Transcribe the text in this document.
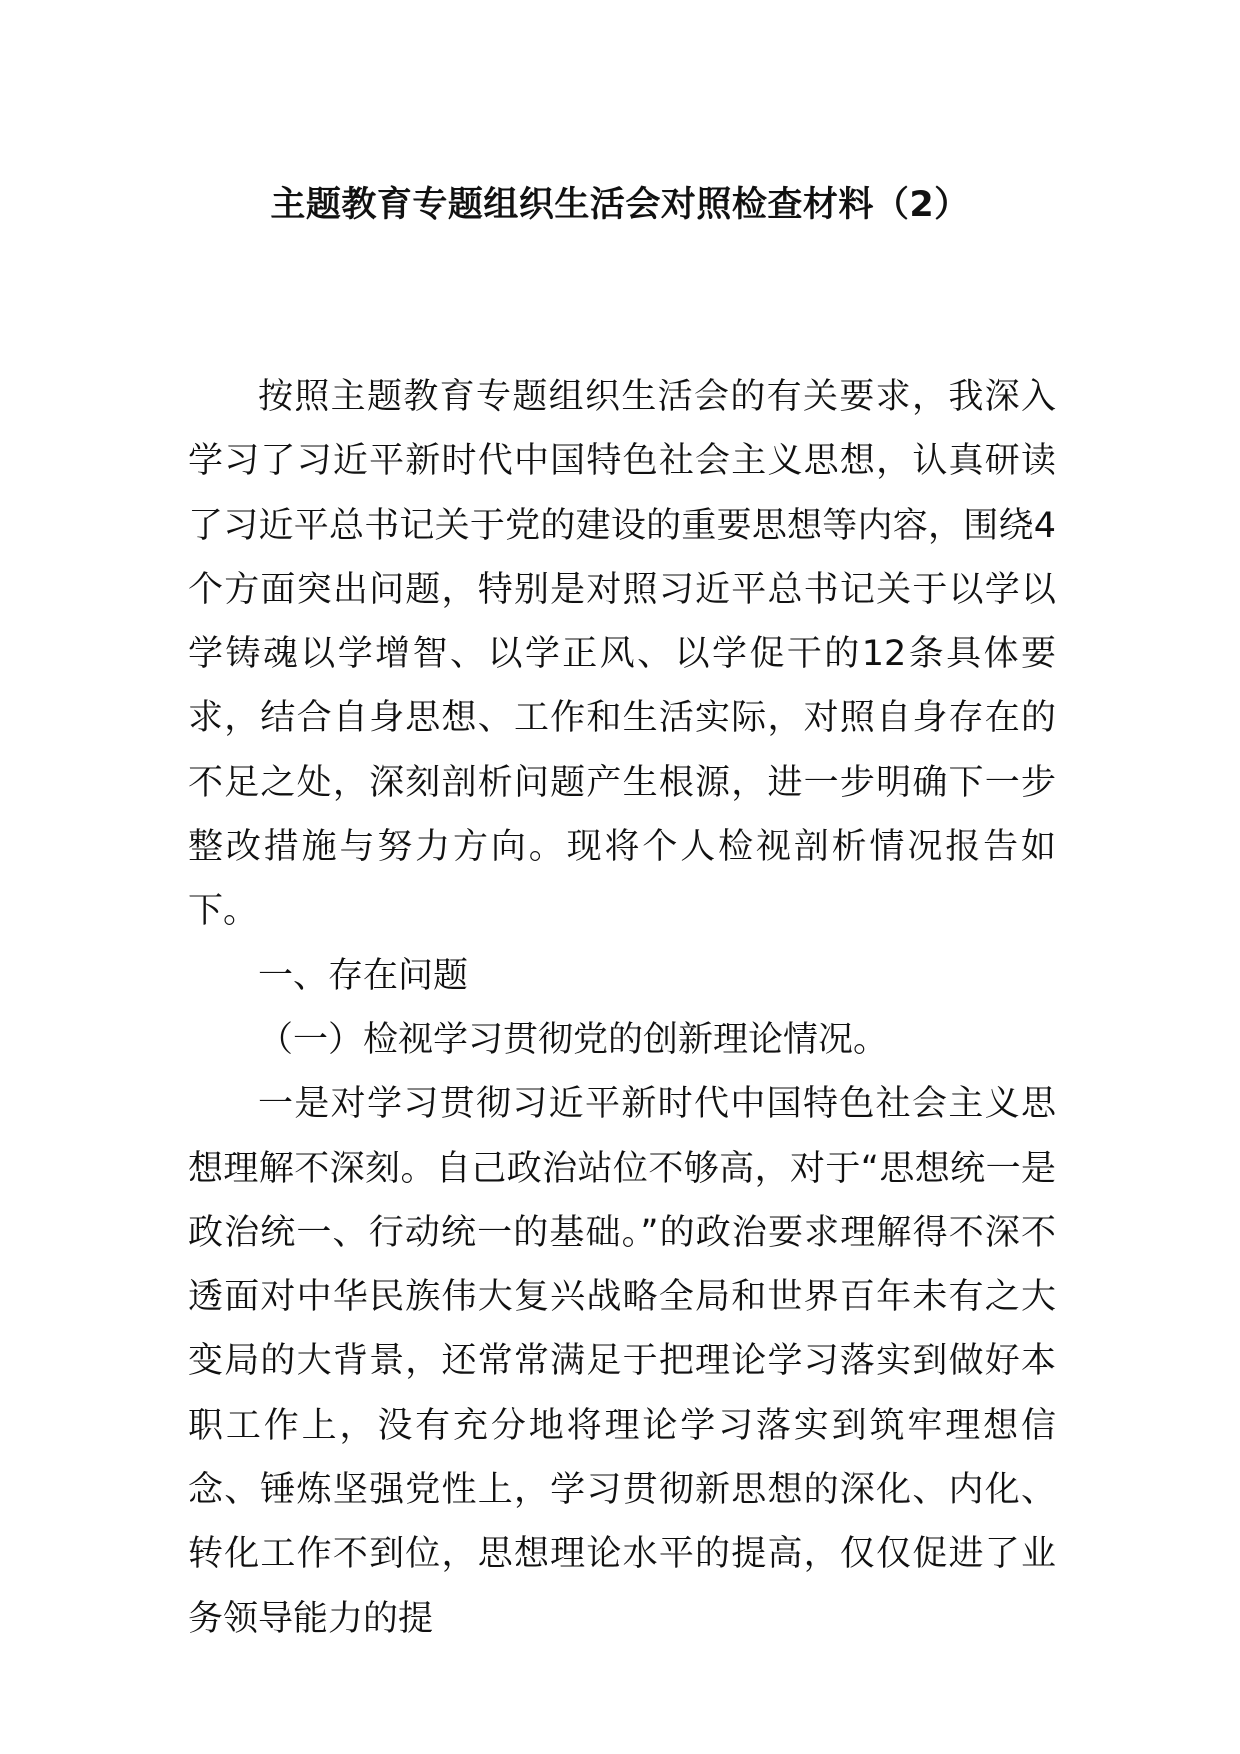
主题教育专题组织生活会对照检查材料（2）

按照主题教育专题组织生活会的有关要求，我深入学习了习近平新时代中国特色社会主义思想，认真研读了习近平总书记关于党的建设的重要思想等内容，围绕4个方面突出问题，特别是对照习近平总书记关于以学以学铸魂以学增智、以学正风、以学促干的12条具体要求，结合自身思想、工作和生活实际，对照自身存在的不足之处，深刻剖析问题产生根源，进一步明确下一步整改措施与努力方向。现将个人检视剖析情况报告如下。

一、存在问题

（一）检视学习贯彻党的创新理论情况。

一是对学习贯彻习近平新时代中国特色社会主义思想理解不深刻。自己政治站位不够高，对于“思想统一是政治统一、行动统一的基础。”的政治要求理解得不深不透面对中华民族伟大复兴战略全局和世界百年未有之大变局的大背景，还常常满足于把理论学习落实到做好本职工作上，没有充分地将理论学习落实到筑牢理想信念、锤炼坚强党性上，学习贯彻新思想的深化、内化、转化工作不到位，思想理论水平的提高，仅仅促进了业务领导能力的提
